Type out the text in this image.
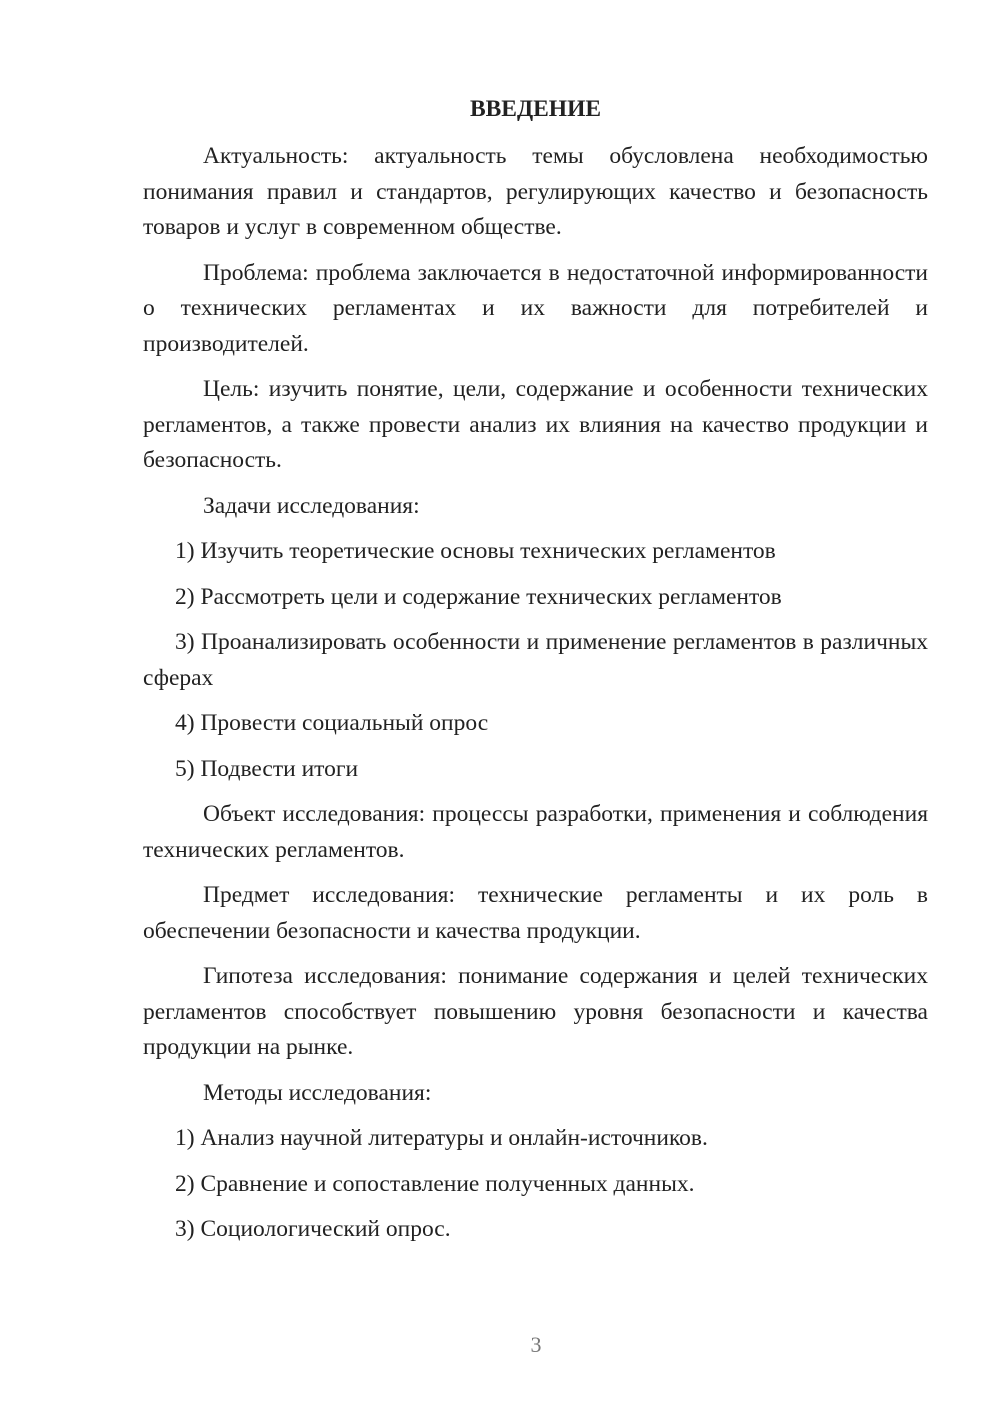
ВВЕДЕНИЕ

Актуальность: актуальность темы обусловлена необходимостью понимания правил и стандартов, регулирующих качество и безопасность товаров и услуг в современном обществе.

Проблема: проблема заключается в недостаточной информированности о технических регламентах и их важности для потребителей и производителей.

Цель: изучить понятие, цели, содержание и особенности технических регламентов, а также провести анализ их влияния на качество продукции и безопасность.

Задачи исследования:

1) Изучить теоретические основы технических регламентов

2) Рассмотреть цели и содержание технических регламентов

3) Проанализировать особенности и применение регламентов в различных сферах

4) Провести социальный опрос

5) Подвести итоги

Объект исследования: процессы разработки, применения и соблюдения технических регламентов.

Предмет исследования: технические регламенты и их роль в обеспечении безопасности и качества продукции.

Гипотеза исследования: понимание содержания и целей технических регламентов способствует повышению уровня безопасности и качества продукции на рынке.

Методы исследования:

1) Анализ научной литературы и онлайн-источников.

2) Сравнение и сопоставление полученных данных.

3) Социологический опрос.

3
